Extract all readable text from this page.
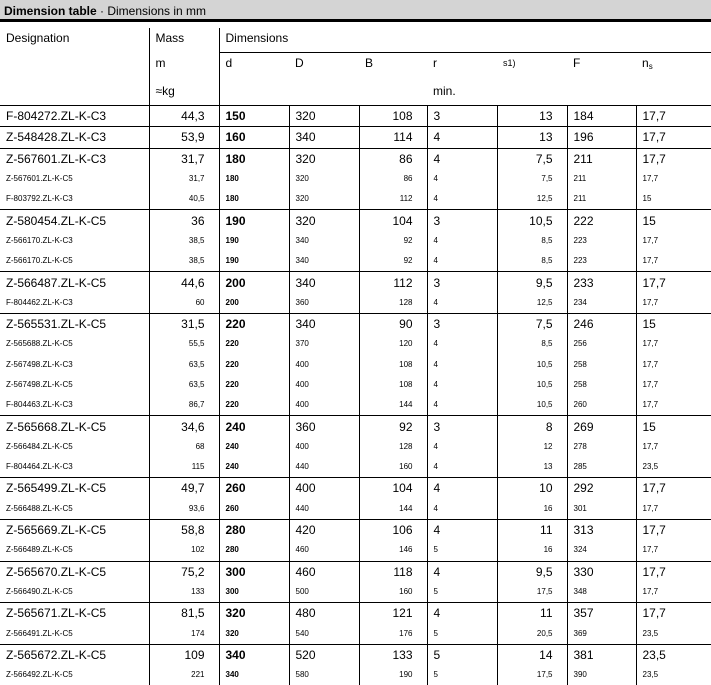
Dimension table · Dimensions in mm
Designation	Mass	Dimensions						
	m	d	D	B	r	s1)	F	$n_s$
	≈kg				min.			
F-804272.ZL-K-C3	44,3	150	320	108	3	13	184	17,7
Z-548428.ZL-K-C3	53,9	160	340	114	4	13	196	17,7
Z-567601.ZL-K-C3	31,7	180	320	86	4	7,5	211	17,7
Z-567601.ZL-K-C5	31,7	180	320	86	4	7,5	211	17,7
F-803792.ZL-K-C3	40,5	180	320	112	4	12,5	211	15
Z-580454.ZL-K-C5	36	190	320	104	3	10,5	222	15
Z-566170.ZL-K-C3	38,5	190	340	92	4	8,5	223	17,7
Z-566170.ZL-K-C5	38,5	190	340	92	4	8,5	223	17,7
Z-566487.ZL-K-C5	44,6	200	340	112	3	9,5	233	17,7
F-804462.ZL-K-C3	60	200	360	128	4	12,5	234	17,7
Z-565531.ZL-K-C5	31,5	220	340	90	3	7,5	246	15
Z-565688.ZL-K-C5	55,5	220	370	120	4	8,5	256	17,7
Z-567498.ZL-K-C3	63,5	220	400	108	4	10,5	258	17,7
Z-567498.ZL-K-C5	63,5	220	400	108	4	10,5	258	17,7
F-804463.ZL-K-C3	86,7	220	400	144	4	10,5	260	17,7
Z-565668.ZL-K-C5	34,6	240	360	92	3	8	269	15
Z-566484.ZL-K-C5	68	240	400	128	4	12	278	17,7
F-804464.ZL-K-C3	115	240	440	160	4	13	285	23,5
Z-565499.ZL-K-C5	49,7	260	400	104	4	10	292	17,7
Z-566488.ZL-K-C5	93,6	260	440	144	4	16	301	17,7
Z-565669.ZL-K-C5	58,8	280	420	106	4	11	313	17,7
Z-566489.ZL-K-C5	102	280	460	146	5	16	324	17,7
Z-565670.ZL-K-C5	75,2	300	460	118	4	9,5	330	17,7
Z-566490.ZL-K-C5	133	300	500	160	5	17,5	348	17,7
Z-565671.ZL-K-C5	81,5	320	480	121	4	11	357	17,7
Z-566491.ZL-K-C5	174	320	540	176	5	20,5	369	23,5
Z-565672.ZL-K-C5	109	340	520	133	5	14	381	23,5
Z-566492.ZL-K-C5	221	340	580	190	5	17,5	390	23,5
